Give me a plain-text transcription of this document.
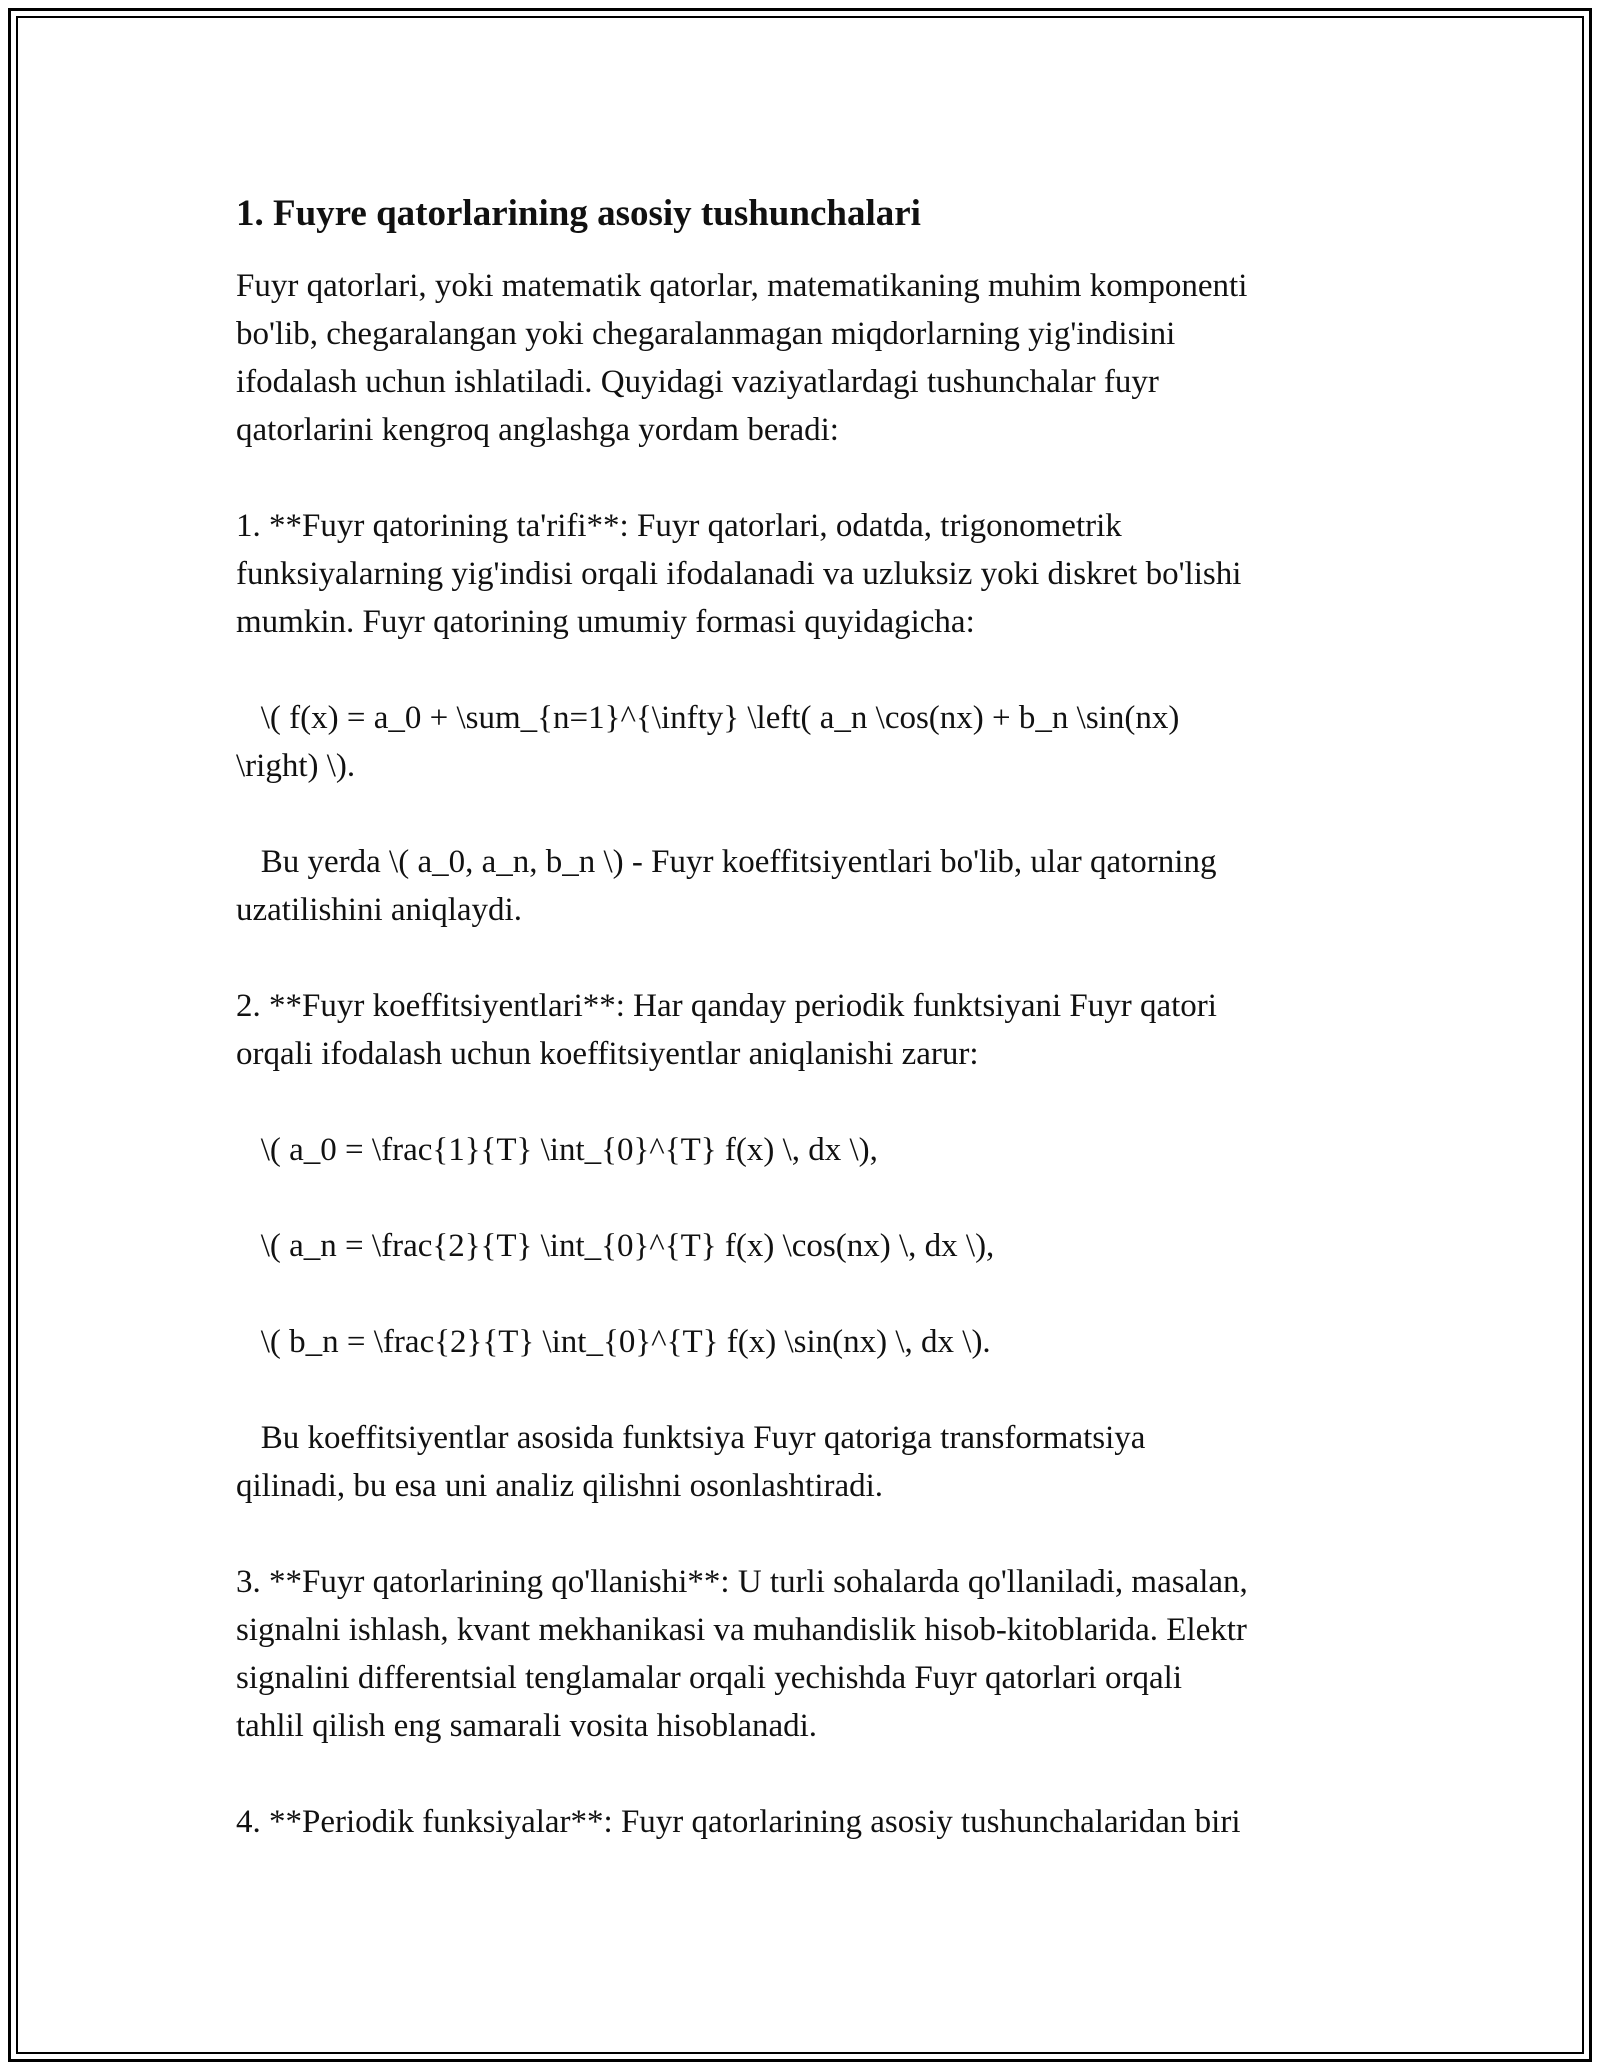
1. Fuyre qatorlarining asosiy tushunchalari

Fuyr qatorlari, yoki matematik qatorlar, matematikaning muhim komponenti
bo'lib, chegaralangan yoki chegaralanmagan miqdorlarning yig'indisini
ifodalash uchun ishlatiladi. Quyidagi vaziyatlardagi tushunchalar fuyr
qatorlarini kengroq anglashga yordam beradi:

1. **Fuyr qatorining ta'rifi**: Fuyr qatorlari, odatda, trigonometrik
funksiyalarning yig'indisi orqali ifodalanadi va uzluksiz yoki diskret bo'lishi
mumkin. Fuyr qatorining umumiy formasi quyidagicha:

\( f(x) = a_0 + \sum_{n=1}^{\infty} \left( a_n \cos(nx) + b_n \sin(nx)
\right) \).

Bu yerda \( a_0, a_n, b_n \) - Fuyr koeffitsiyentlari bo'lib, ular qatorning
uzatilishini aniqlaydi.

2. **Fuyr koeffitsiyentlari**: Har qanday periodik funktsiyani Fuyr qatori
orqali ifodalash uchun koeffitsiyentlar aniqlanishi zarur:

\( a_0 = \frac{1}{T} \int_{0}^{T} f(x) \, dx \),

\( a_n = \frac{2}{T} \int_{0}^{T} f(x) \cos(nx) \, dx \),

\( b_n = \frac{2}{T} \int_{0}^{T} f(x) \sin(nx) \, dx \).

Bu koeffitsiyentlar asosida funktsiya Fuyr qatoriga transformatsiya
qilinadi, bu esa uni analiz qilishni osonlashtiradi.

3. **Fuyr qatorlarining qo'llanishi**: U turli sohalarda qo'llaniladi, masalan,
signalni ishlash, kvant mekhanikasi va muhandislik hisob-kitoblarida. Elektr
signalini differentsial tenglamalar orqali yechishda Fuyr qatorlari orqali
tahlil qilish eng samarali vosita hisoblanadi.

4. **Periodik funksiyalar**: Fuyr qatorlarining asosiy tushunchalaridan biri
